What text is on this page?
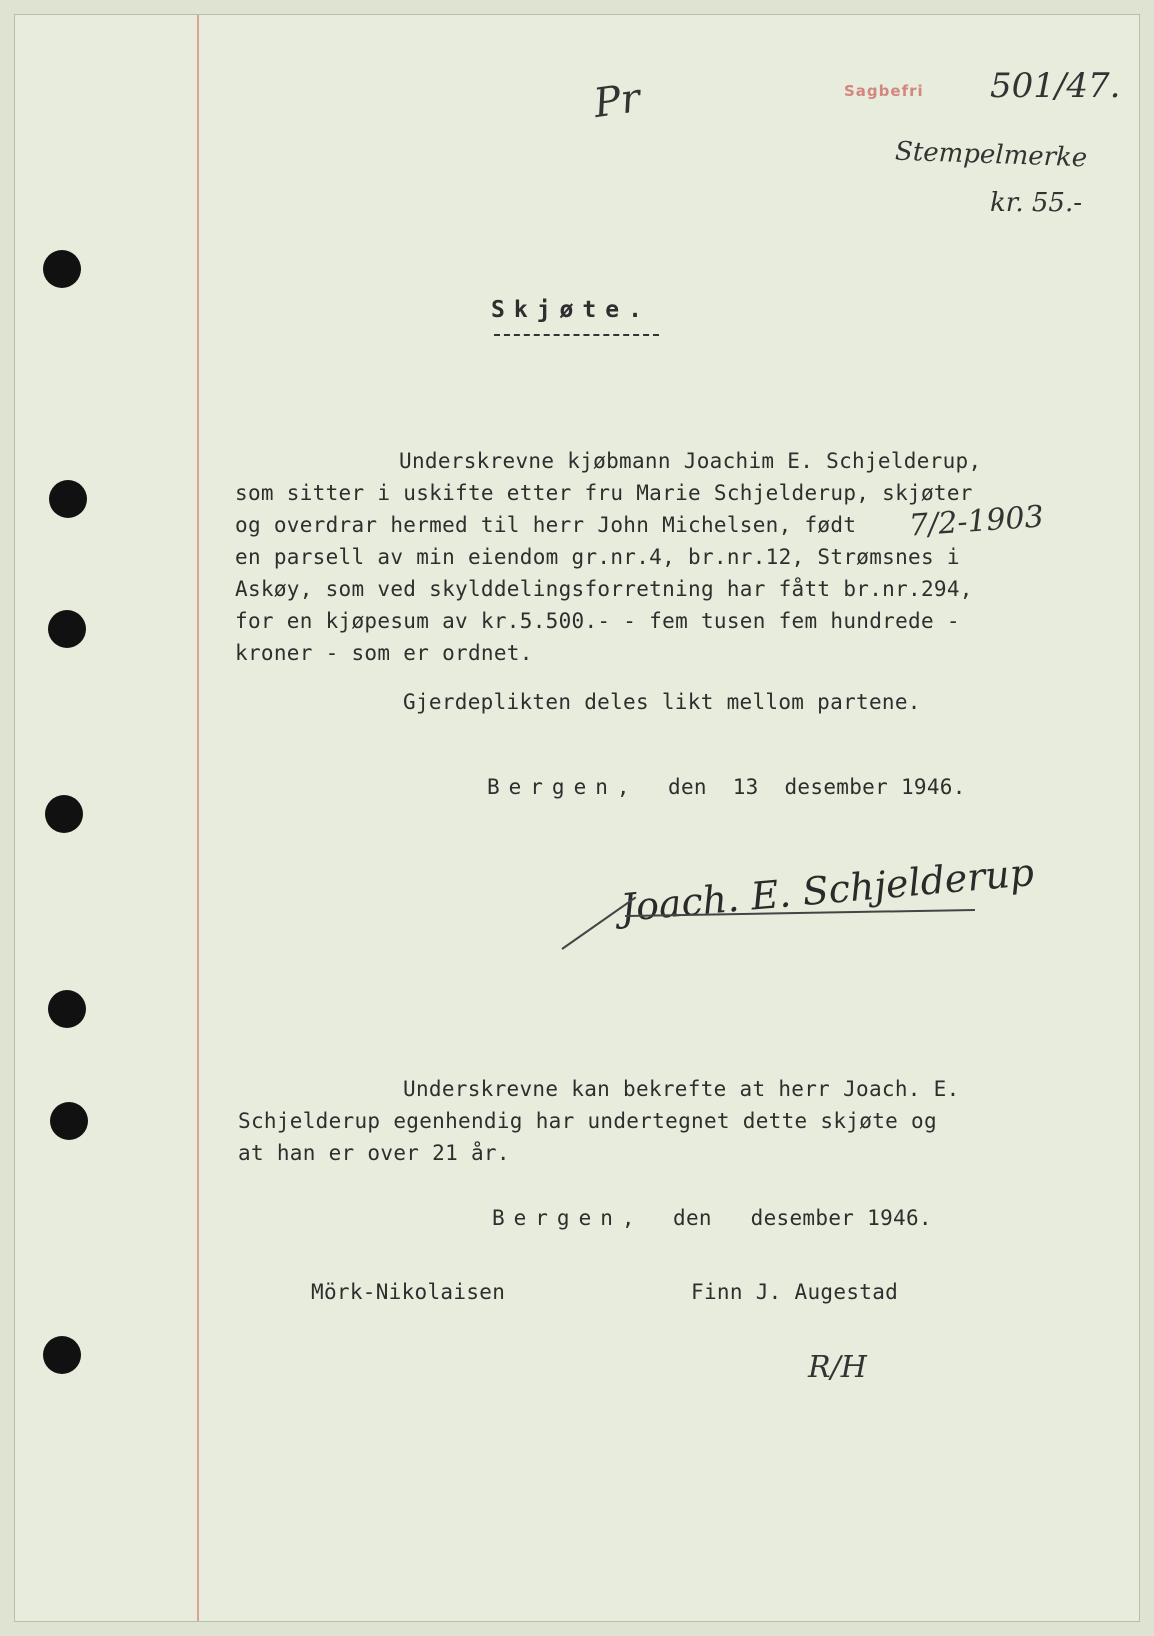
Pr	Sagbefri 501/47.
Stempelmerke
kr. 55.-
Skjøte.
Underskrevne kjøbmann Joachim E. Schjelderup,
som sitter i uskifte etter fru Marie Schjelderup, skjøter
og overdrar hermed til herr John Michelsen, født 7/2-1903
en parsell av min eiendom gr.nr.4, br.nr.12, Strømsnes i
Askøy, som ved skylddelingsforretning har fått br.nr.294,
for en kjøpesum av kr.5.500.- - fem tusen fem hundrede -
kroner - som er ordnet.
Gjerdeplikten deles likt mellom partene.
Bergen, den  13  desember 1946.
Joach. E. Schjelderup
Underskrevne kan bekrefte at herr Joach. E.
Schjelderup egenhendig har undertegnet dette skjøte og
at han er over 21 år.
Bergen, den   desember 1946.
Mörk-Nikolaisen	Finn J. Augestad
R/H
